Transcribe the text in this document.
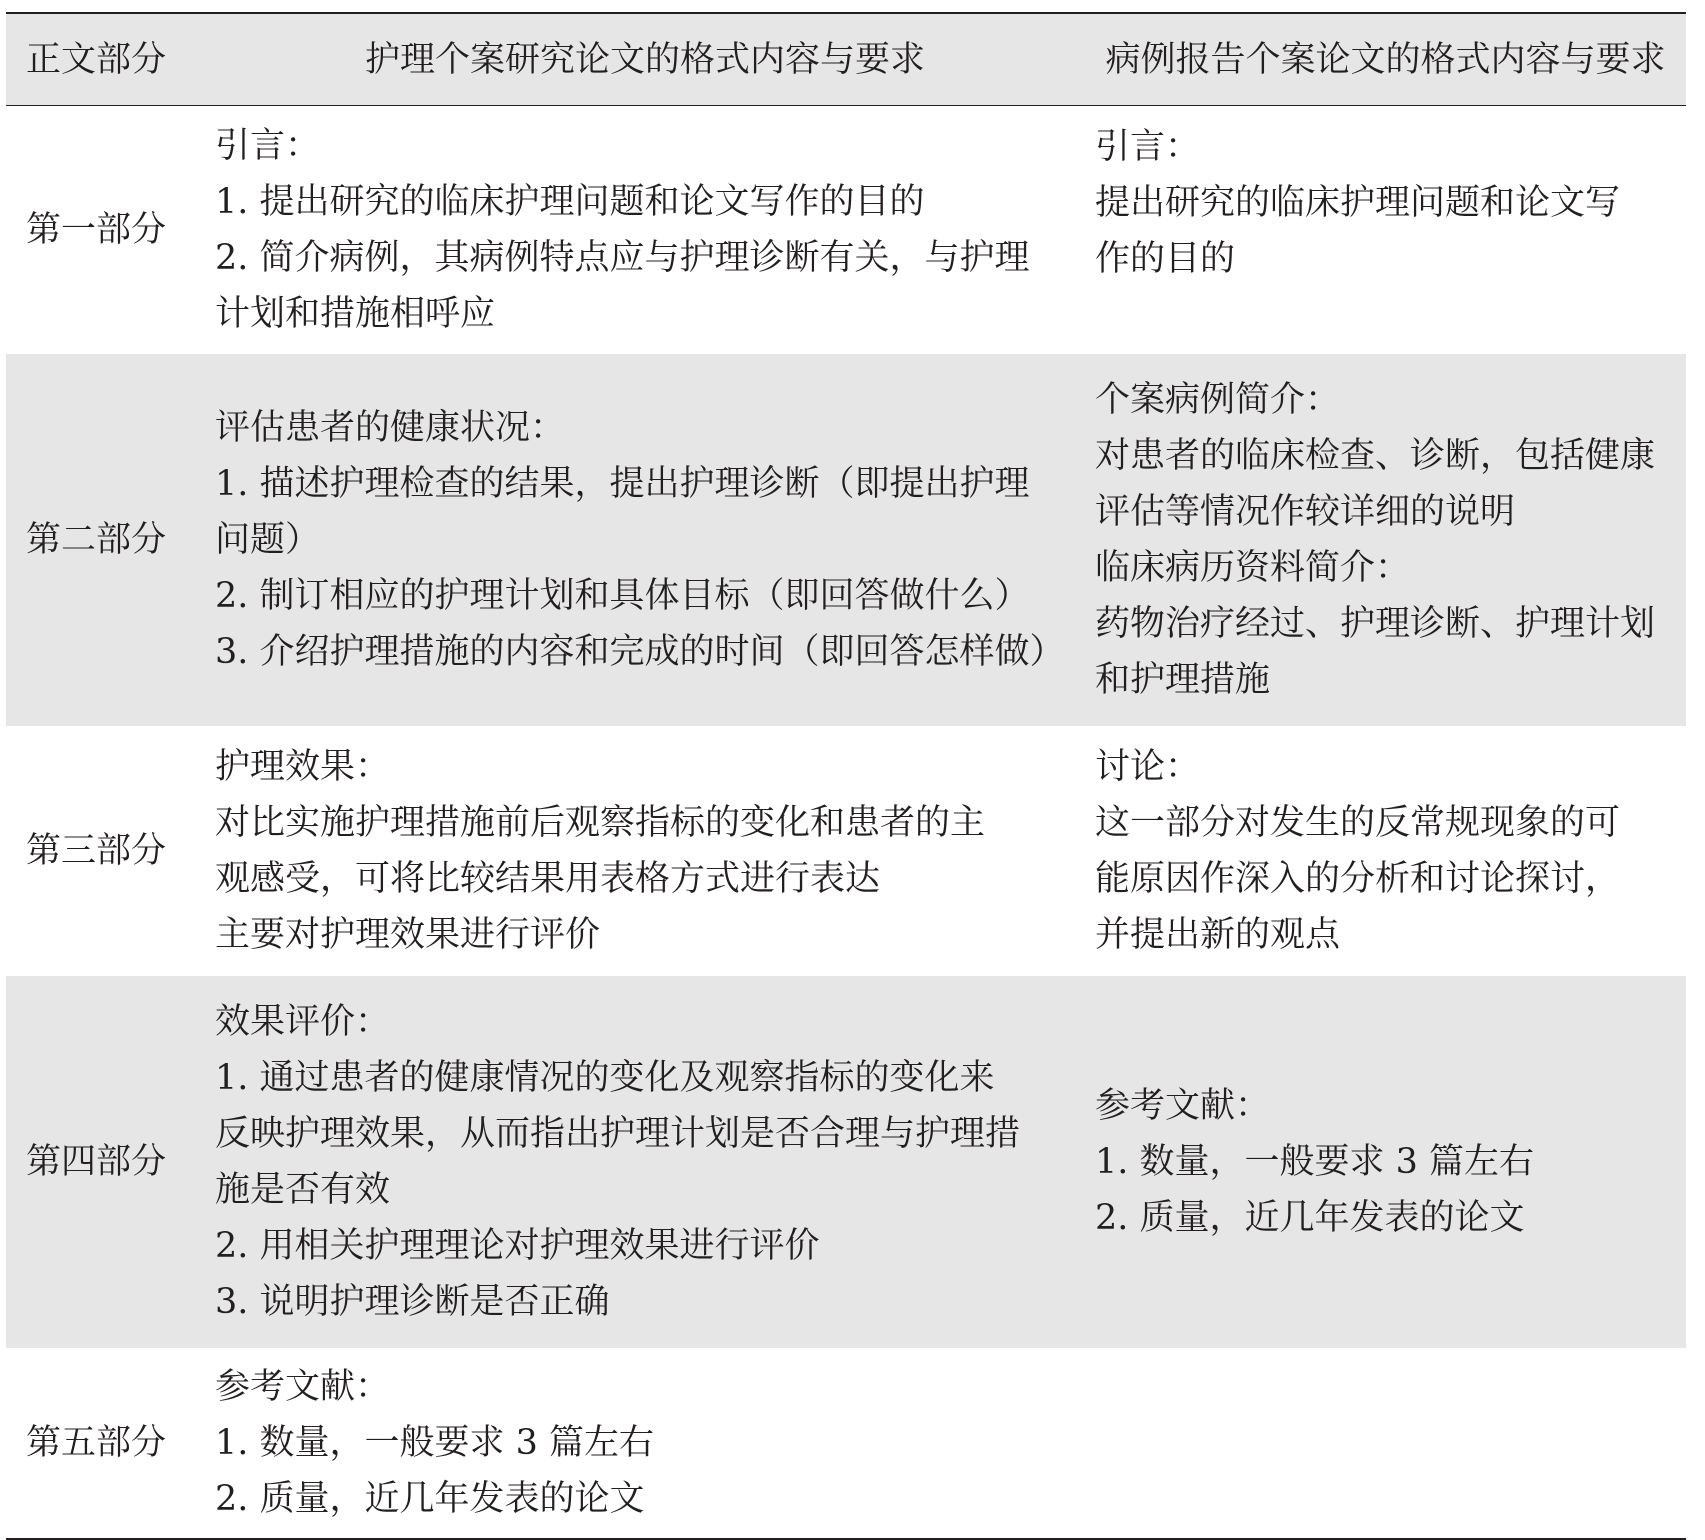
正文部分	护理个案研究论文的格式内容与要求	病例报告个案论文的格式内容与要求
第一部分
引言：
1. 提出研究的临床护理问题和论文写作的目的
2. 简介病例，其病例特点应与护理诊断有关，与护理
计划和措施相呼应
引言：
提出研究的临床护理问题和论文写
作的目的
第二部分
评估患者的健康状况：
1. 描述护理检查的结果，提出护理诊断（即提出护理
问题）
2. 制订相应的护理计划和具体目标（即回答做什么）
3. 介绍护理措施的内容和完成的时间（即回答怎样做）
个案病例简介：
对患者的临床检查、诊断，包括健康
评估等情况作较详细的说明
临床病历资料简介：
药物治疗经过、护理诊断、护理计划
和护理措施
第三部分
护理效果：
对比实施护理措施前后观察指标的变化和患者的主
观感受，可将比较结果用表格方式进行表达
主要对护理效果进行评价
讨论：
这一部分对发生的反常规现象的可
能原因作深入的分析和讨论探讨，
并提出新的观点
第四部分
效果评价：
1. 通过患者的健康情况的变化及观察指标的变化来
反映护理效果，从而指出护理计划是否合理与护理措
施是否有效
2. 用相关护理理论对护理效果进行评价
3. 说明护理诊断是否正确
参考文献：
1. 数量，一般要求 3 篇左右
2. 质量，近几年发表的论文
第五部分
参考文献：
1. 数量，一般要求 3 篇左右
2. 质量，近几年发表的论文
